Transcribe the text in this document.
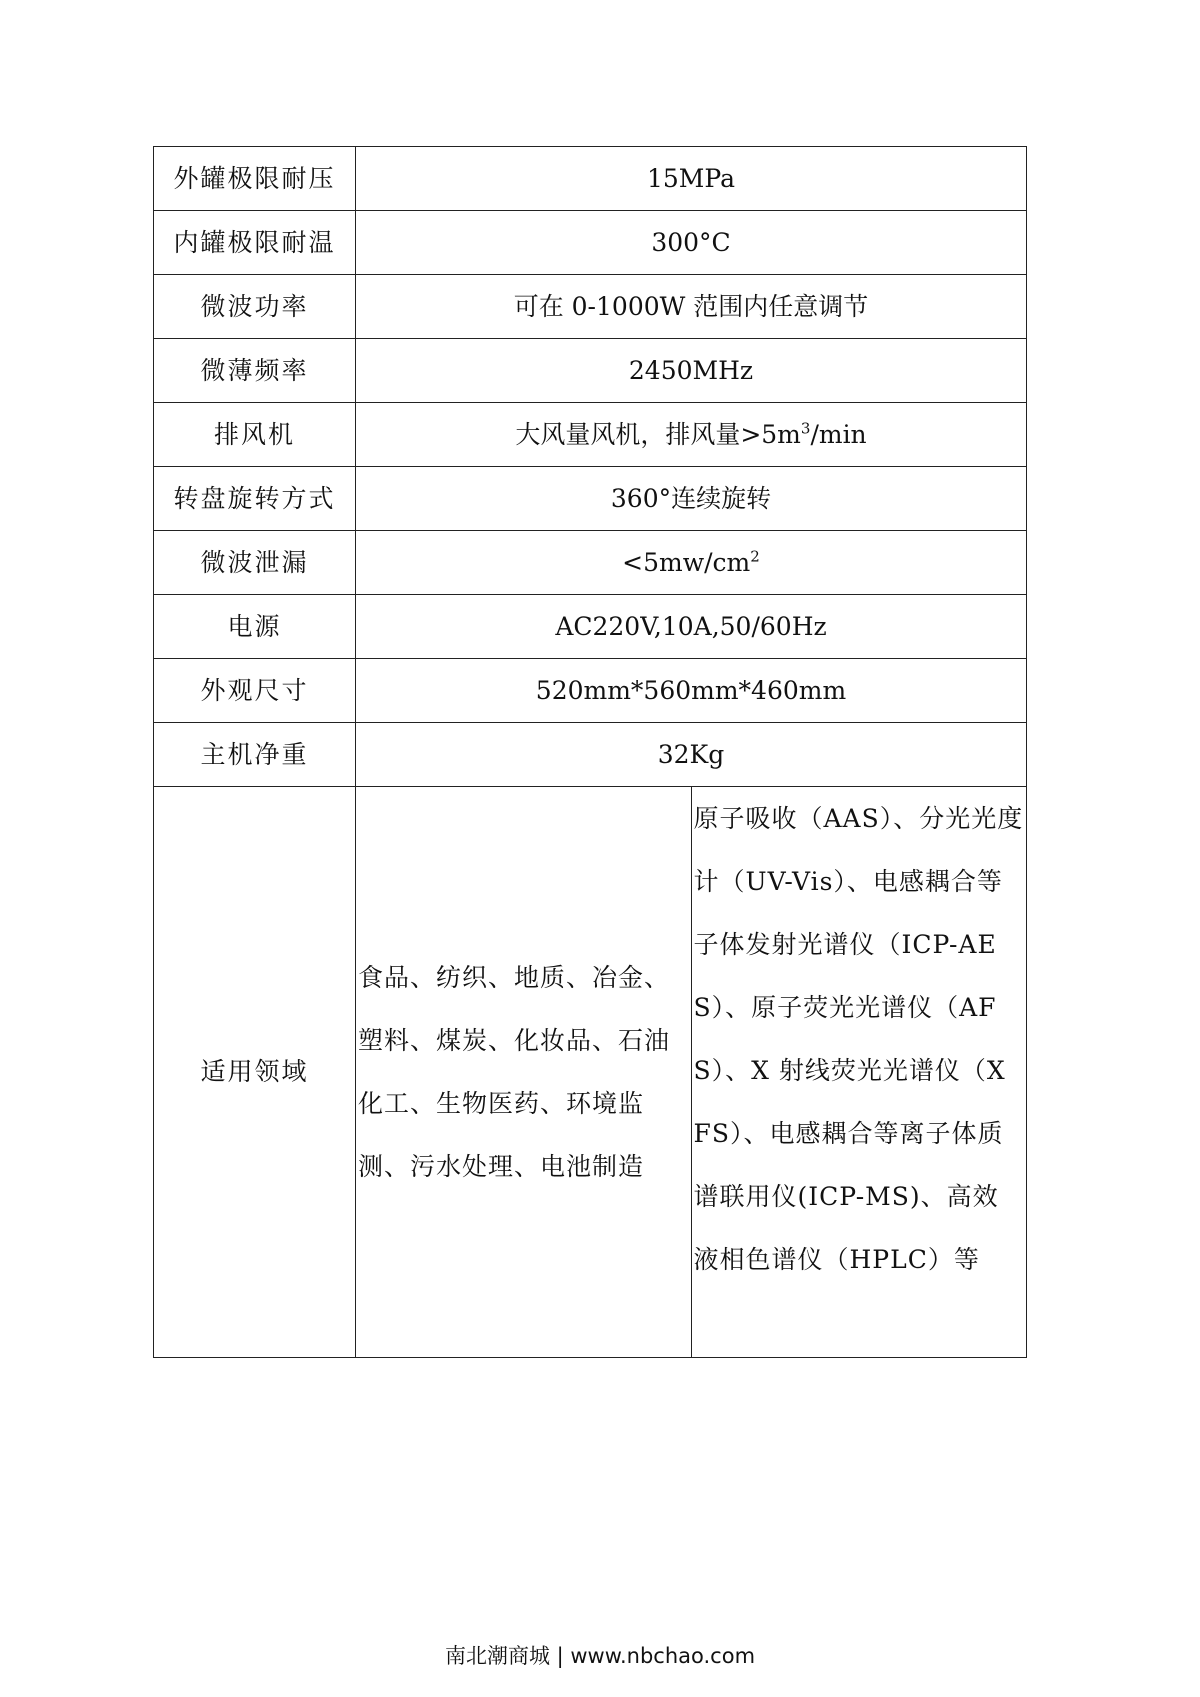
外罐极限耐压	15MPa	
内罐极限耐温	300°C	
微波功率	可在 0-1000W 范围内任意调节	
微薄频率	2450MHz	
排风机	大风量风机，排风量$>5m^3/\min$	
转盘旋转方式	360°连续旋转	
微波泄漏	$<5mw/cm^2$
电源	AC220V,10A,50/60Hz	
外观尺寸	520mm*560mm*460mm	
主机净重	32Kg	
适用领域	食品、纺织、地质、冶金、塑料、煤炭、化妆品、石油化工、生物医药、环境监测、污水处理、电池制造	原子吸收（AAS）、分光光度计（UV-Vis）、电感耦合等子体发射光谱仪（ICP-AES）、原子荧光光谱仪（AFS）、X 射线荧光光谱仪（XFS）、电感耦合等离子体质谱联用仪(ICP-MS)、高效液相色谱仪（HPLC）等
南北潮商城 | www.nbchao.com
